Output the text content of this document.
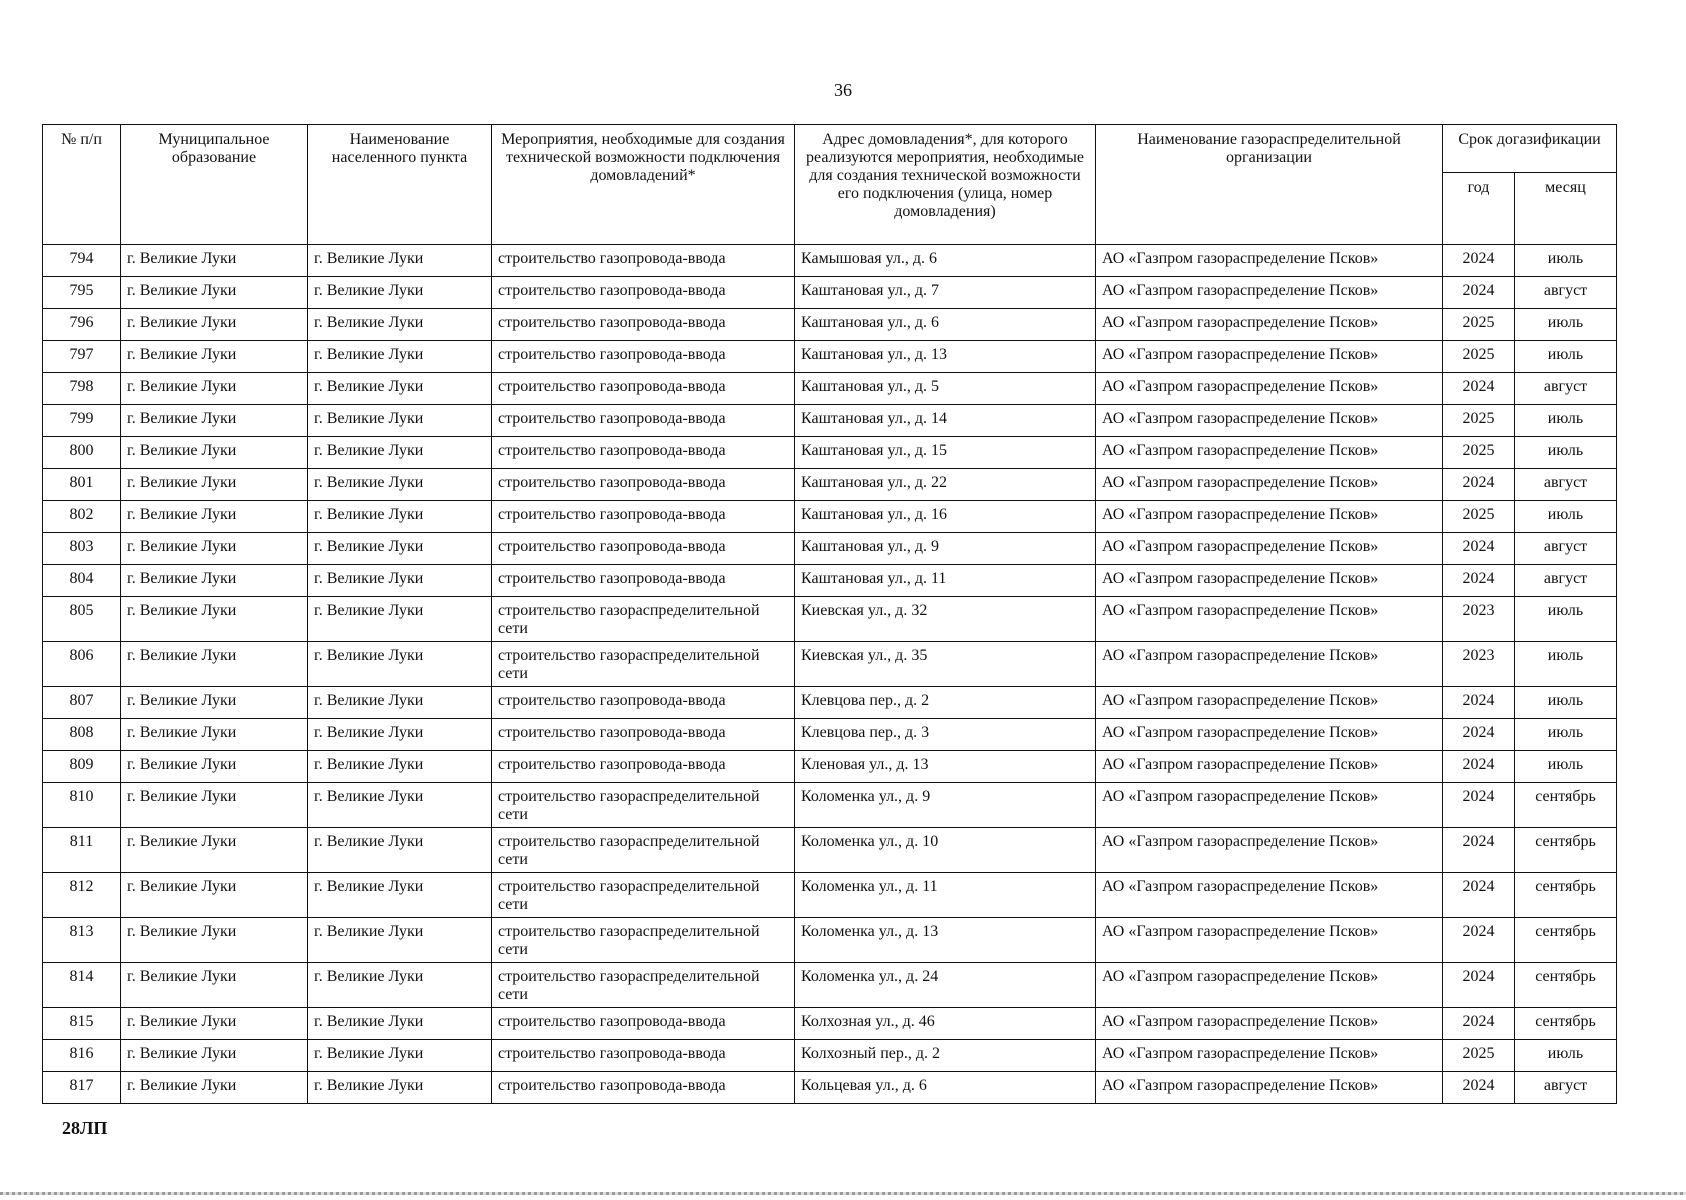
36
№ п/п	Муниципальное образование	Наименование населенного пункта	Мероприятия, необходимые для создания технической возможности подключения домовладений*	Адрес домовладения*, для которого реализуются мероприятия, необходимые для создания технической возможности его подключения (улица, номер домовладения)	Наименование газораспределительной организации	Срок догазификации	
						год	месяц
794	г. Великие Луки	г. Великие Луки	строительство газопровода-ввода	Камышовая ул., д. 6	АО «Газпром газораспределение Псков»	2024	июль
795	г. Великие Луки	г. Великие Луки	строительство газопровода-ввода	Каштановая ул., д. 7	АО «Газпром газораспределение Псков»	2024	август
796	г. Великие Луки	г. Великие Луки	строительство газопровода-ввода	Каштановая ул., д. 6	АО «Газпром газораспределение Псков»	2025	июль
797	г. Великие Луки	г. Великие Луки	строительство газопровода-ввода	Каштановая ул., д. 13	АО «Газпром газораспределение Псков»	2025	июль
798	г. Великие Луки	г. Великие Луки	строительство газопровода-ввода	Каштановая ул., д. 5	АО «Газпром газораспределение Псков»	2024	август
799	г. Великие Луки	г. Великие Луки	строительство газопровода-ввода	Каштановая ул., д. 14	АО «Газпром газораспределение Псков»	2025	июль
800	г. Великие Луки	г. Великие Луки	строительство газопровода-ввода	Каштановая ул., д. 15	АО «Газпром газораспределение Псков»	2025	июль
801	г. Великие Луки	г. Великие Луки	строительство газопровода-ввода	Каштановая ул., д. 22	АО «Газпром газораспределение Псков»	2024	август
802	г. Великие Луки	г. Великие Луки	строительство газопровода-ввода	Каштановая ул., д. 16	АО «Газпром газораспределение Псков»	2025	июль
803	г. Великие Луки	г. Великие Луки	строительство газопровода-ввода	Каштановая ул., д. 9	АО «Газпром газораспределение Псков»	2024	август
804	г. Великие Луки	г. Великие Луки	строительство газопровода-ввода	Каштановая ул., д. 11	АО «Газпром газораспределение Псков»	2024	август
805	г. Великие Луки	г. Великие Луки	строительство газораспределительной сети	Киевская ул., д. 32	АО «Газпром газораспределение Псков»	2023	июль
806	г. Великие Луки	г. Великие Луки	строительство газораспределительной сети	Киевская ул., д. 35	АО «Газпром газораспределение Псков»	2023	июль
807	г. Великие Луки	г. Великие Луки	строительство газопровода-ввода	Клевцова пер., д. 2	АО «Газпром газораспределение Псков»	2024	июль
808	г. Великие Луки	г. Великие Луки	строительство газопровода-ввода	Клевцова пер., д. 3	АО «Газпром газораспределение Псков»	2024	июль
809	г. Великие Луки	г. Великие Луки	строительство газопровода-ввода	Кленовая ул., д. 13	АО «Газпром газораспределение Псков»	2024	июль
810	г. Великие Луки	г. Великие Луки	строительство газораспределительной сети	Коломенка ул., д. 9	АО «Газпром газораспределение Псков»	2024	сентябрь
811	г. Великие Луки	г. Великие Луки	строительство газораспределительной сети	Коломенка ул., д. 10	АО «Газпром газораспределение Псков»	2024	сентябрь
812	г. Великие Луки	г. Великие Луки	строительство газораспределительной сети	Коломенка ул., д. 11	АО «Газпром газораспределение Псков»	2024	сентябрь
813	г. Великие Луки	г. Великие Луки	строительство газораспределительной сети	Коломенка ул., д. 13	АО «Газпром газораспределение Псков»	2024	сентябрь
814	г. Великие Луки	г. Великие Луки	строительство газораспределительной сети	Коломенка ул., д. 24	АО «Газпром газораспределение Псков»	2024	сентябрь
815	г. Великие Луки	г. Великие Луки	строительство газопровода-ввода	Колхозная ул., д. 46	АО «Газпром газораспределение Псков»	2024	сентябрь
816	г. Великие Луки	г. Великие Луки	строительство газопровода-ввода	Колхозный пер., д. 2	АО «Газпром газораспределение Псков»	2025	июль
817	г. Великие Луки	г. Великие Луки	строительство газопровода-ввода	Кольцевая ул., д. 6	АО «Газпром газораспределение Псков»	2024	август
28ЛП
